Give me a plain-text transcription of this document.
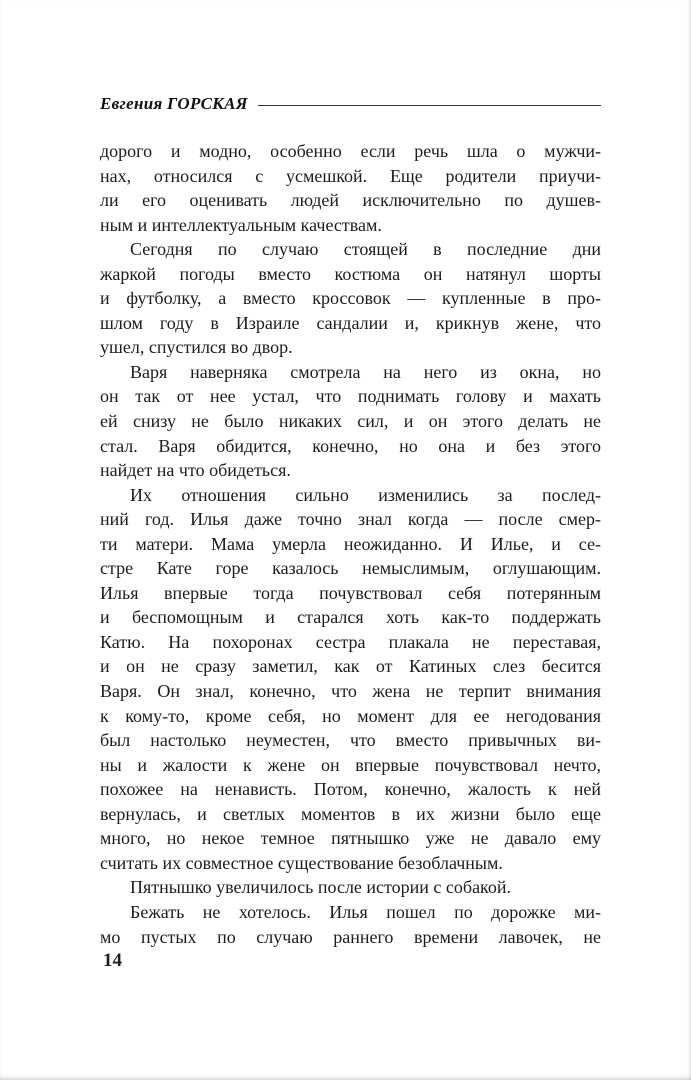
Евгения ГОРСКАЯ
дорого и модно, особенно если речь шла о мужчи-
нах, относился с усмешкой. Еще родители приучи-
ли его оценивать людей исключительно по душев-
ным и интеллектуальным качествам.
Сегодня по случаю стоящей в последние дни
жаркой погоды вместо костюма он натянул шорты
и футболку, а вместо кроссовок — купленные в про-
шлом году в Израиле сандалии и, крикнув жене, что
ушел, спустился во двор.
Варя наверняка смотрела на него из окна, но
он так от нее устал, что поднимать голову и махать
ей снизу не было никаких сил, и он этого делать не
стал. Варя обидится, конечно, но она и без этого
найдет на что обидеться.
Их отношения сильно изменились за послед-
ний год. Илья даже точно знал когда — после смер-
ти матери. Мама умерла неожиданно. И Илье, и се-
стре Кате горе казалось немыслимым, оглушающим.
Илья впервые тогда почувствовал себя потерянным
и беспомощным и старался хоть как-то поддержать
Катю. На похоронах сестра плакала не переставая,
и он не сразу заметил, как от Катиных слез бесится
Варя. Он знал, конечно, что жена не терпит внимания
к кому-то, кроме себя, но момент для ее негодования
был настолько неуместен, что вместо привычных ви-
ны и жалости к жене он впервые почувствовал нечто,
похожее на ненависть. Потом, конечно, жалость к ней
вернулась, и светлых моментов в их жизни было еще
много, но некое темное пятнышко уже не давало ему
считать их совместное существование безоблачным.
Пятнышко увеличилось после истории с собакой.
Бежать не хотелось. Илья пошел по дорожке ми-
мо пустых по случаю раннего времени лавочек, не
14
